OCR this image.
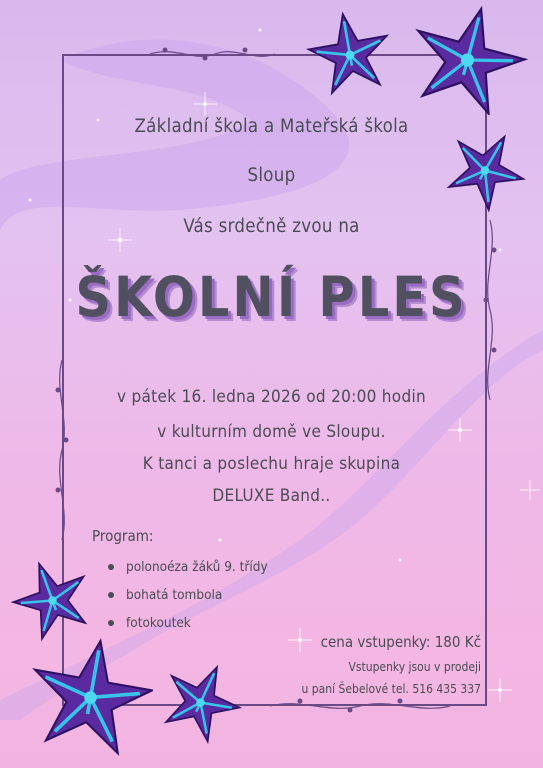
Základní škola a Mateřská škola
Sloup
Vás srdečně zvou na
ŠKOLNÍ PLES
v pátek 16. ledna 2026 od 20:00 hodin
v kulturním domě ve Sloupu.
K tanci a poslechu hraje skupina
DELUXE Band..
Program:
polonoéza žáků 9. třídy
bohatá tombola
fotokoutek
cena vstupenky: 180 Kč
Vstupenky jsou v prodeji
u paní Šebelové tel. 516 435 337
